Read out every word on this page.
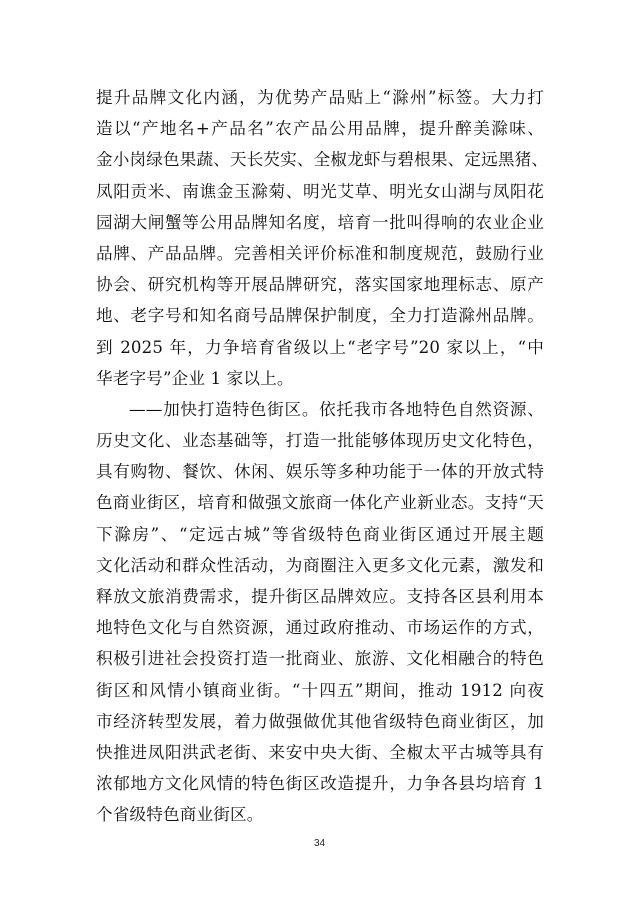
提升品牌文化内涵，为优势产品贴上“滁州”标签。大力打
造以“产地名+产品名”农产品公用品牌，提升醉美滁味、
金小岗绿色果蔬、天长芡实、全椒龙虾与碧根果、定远黑猪、
凤阳贡米、南谯金玉滁菊、明光艾草、明光女山湖与凤阳花
园湖大闸蟹等公用品牌知名度，培育一批叫得响的农业企业
品牌、产品品牌。完善相关评价标准和制度规范，鼓励行业
协会、研究机构等开展品牌研究，落实国家地理标志、原产
地、老字号和知名商号品牌保护制度，全力打造滁州品牌。
到 2025 年，力争培育省级以上“老字号”20 家以上，“中
华老字号”企业 1 家以上。
——加快打造特色街区。依托我市各地特色自然资源、
历史文化、业态基础等，打造一批能够体现历史文化特色，
具有购物、餐饮、休闲、娱乐等多种功能于一体的开放式特
色商业街区，培育和做强文旅商一体化产业新业态。支持“天
下滁房”、“定远古城”等省级特色商业街区通过开展主题
文化活动和群众性活动，为商圈注入更多文化元素，激发和
释放文旅消费需求，提升街区品牌效应。支持各区县利用本
地特色文化与自然资源，通过政府推动、市场运作的方式，
积极引进社会投资打造一批商业、旅游、文化相融合的特色
街区和风情小镇商业街。“十四五”期间，推动 1912 向夜
市经济转型发展，着力做强做优其他省级特色商业街区，加
快推进凤阳洪武老街、来安中央大街、全椒太平古城等具有
浓郁地方文化风情的特色街区改造提升，力争各县均培育 1
个省级特色商业街区。
34
